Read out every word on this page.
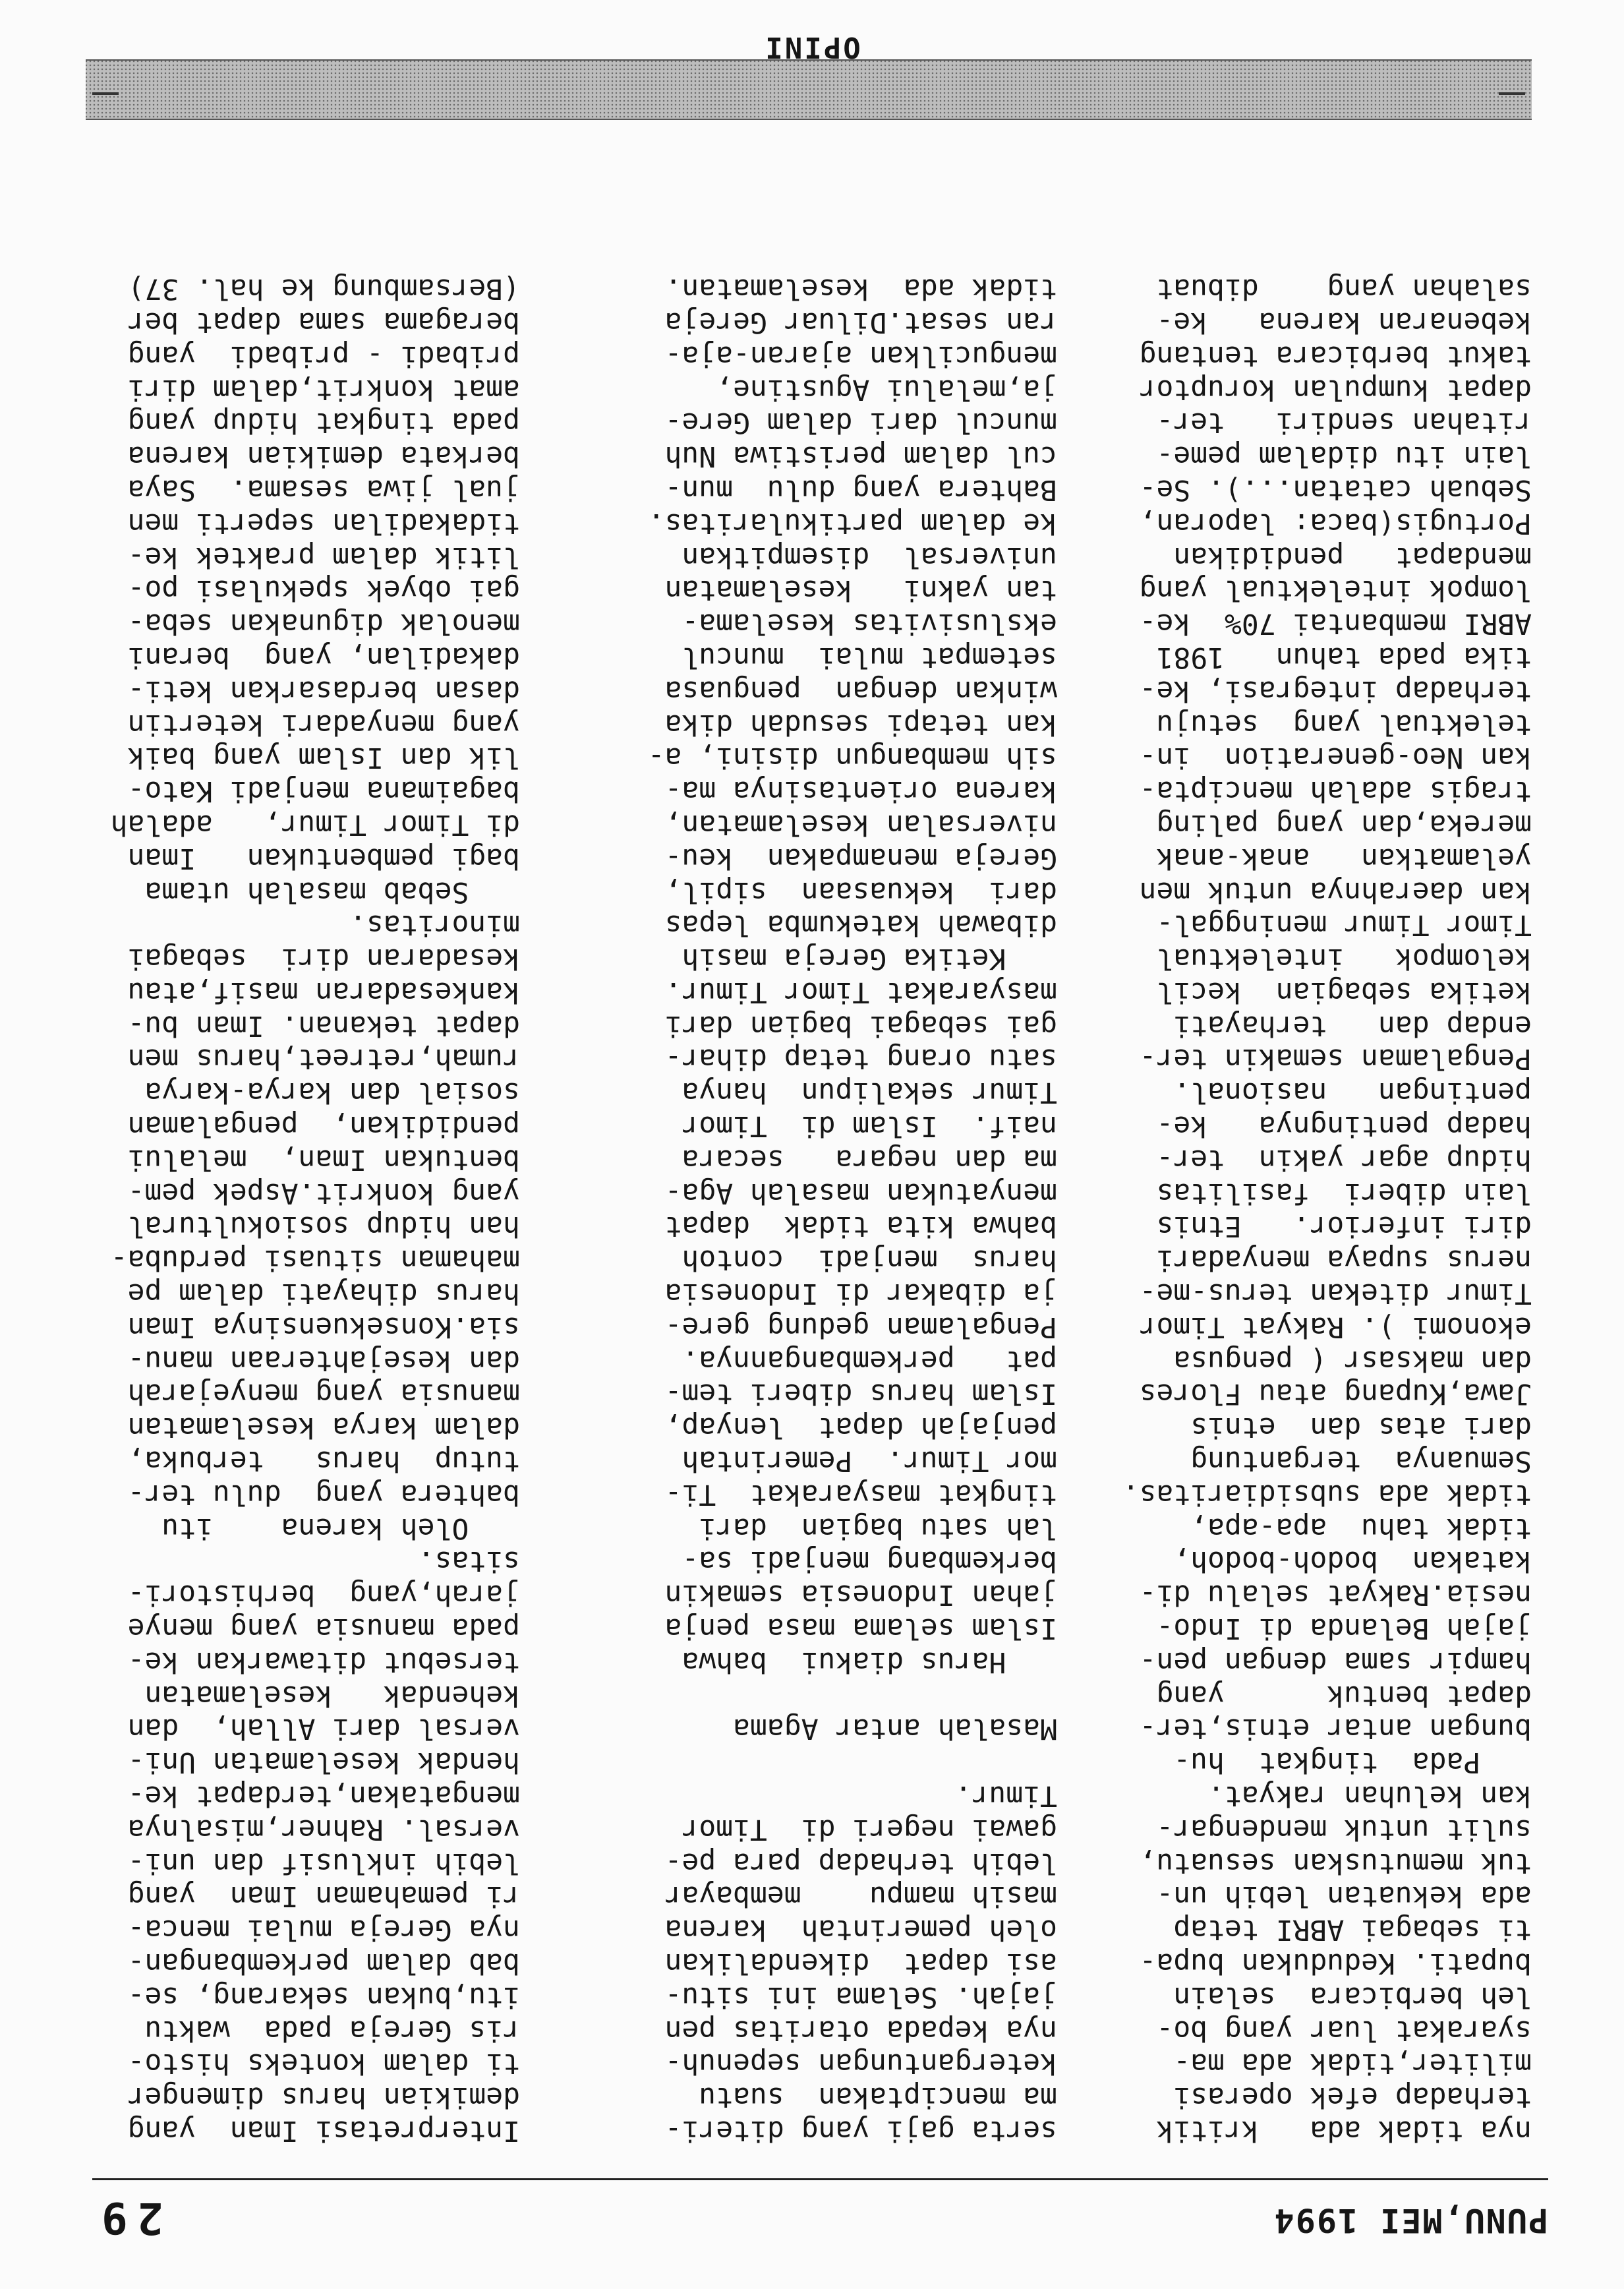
PUNU,MEI 1994
29
nya tidak ada   kritik
terhadap efek operasi
militer,tidak ada ma-
syarakat luar yang bo-
leh berbicara  selain
bupati. Kedudukan bupa-
ti sebagai ABRI tetap
ada kekuatan lebih un-
tuk memutuskan sesuatu,
sulit untuk mendengar-
kan keluhan rakyat.
Pada  tingkat  hu-
bungan antar etnis,ter-
dapat bentuk      yang
hampir sama dengan pen-
jajah Belanda di Indo-
nesia.Rakyat selalu di-
katakan  bodoh-bodoh,
tidak tahu  apa-apa,
tidak ada subsidiaritas.
Semuanya  tergantung
dari atas dan  etnis
Jawa,Kupang atau Flores
dan maksasr ( pengusa
ekonomi ). Rakyat Timor
Timur ditekan terus-me-
nerus supaya menyadari
diri inferior.   Etnis
lain diberi  fasilitas
hidup agar yakin  ter-
hadap pentingnya   ke-
pentingan   nasional.
Pengalaman semakin ter-
endap dan   terhayati
ketika sebagian  kecil
kelompok   intelektual
Timor Timur meninggal-
kan daerahnya untuk men
yelamatkan   anak-anak
mereka,dan yang paling
tragis adalah mencipta-
kan Neo-generation  in-
telektual yang  setuju
terhadap integrasi, ke-
tika pada tahun   1981
ABRI membantai 70%  ke-
lompok intelektual yang
mendapat   pendidikan
Portugis(baca: laporan,
Sebuah catatan...). Se-
lain itu didalam peme-
ritahan sendiri   ter-
dapat kumpulan koruptor
takut berbicara tentang
kebenaran karena   ke-
salahan yang    dibuat
serta gaji yang diteri-
ma menciptakan  suatu
ketergantungan sepenuh-
nya kepada otaritas pen
jajah. Selama ini situ-
asi dapat  dikendalikan
oleh pemerintah  karena
masih mampu    membayar
lebih terhadap para pe-
gawai negeri di  Timor
Timur.
Masalah antar Agama
Harus diakui  bahwa
Islam selama masa penja
jahan Indonesia semakin
berkembang menjadi sa-
lah satu bagian  dari
tingkat masyarakat  Ti-
mor Timur.  Pemerintah
penjajah dapat  lenyap,
Islam harus diberi tem-
pat   perkembangannya.
Pengalaman gedung gere-
ja dibakar di Indonesia
harus  menjadi  contoh
bahwa kita tidak  dapat
menyatukan masalah Aga-
ma dan negara   secara
naif.  Islam di  Timor
Timur sekalipun  hanya
satu orang tetap dihar-
gai sebagai bagian dari
masyarakat Timor Timur.
Ketika Gereja masih
dibawah katekumba lepas
dari  kekuasaan  sipil,
Gereja menampakan  keu-
niversalan keselamatan,
karena orientasinya ma-
sih membangun disini, a-
kan tetapi sesudah dika
winkan dengan  penguasa
setempat mulai  muncul
ekslusivitas keselama-
tan yakni   keselamatan
universal  disempitkan
ke dalam partikularitas.
Bahtera yang dulu  mun-
cul dalam peristiwa Nuh
muncul dari dalam Gere-
ja,melalui Agustine,
mengucilkan ajaran-aja-
ran sesat.Diluar Gereja
tidak ada  keselamatan.
Interpretasi Iman  yang
demikian harus dimenger
ti dalam konteks histo-
ris Gereja pada  waktu
itu,bukan sekarang, se-
bab dalam perkembangan-
nya Gereja mulai menca-
ri pemahaman Iman  yang
lebih inklusif dan uni-
versal. Rahner,misalnya
mengatakan,terdapat ke-
hendak keselamatan Uni-
versal dari Allah,  dan
kehendak   keselamatan
tersebut ditawarkan ke-
pada manusia yang menye
jarah,yang  berhistori-
sitas.
Oleh karena    itu
bahtera yang  dulu ter-
tutup  harus   terbuka,
dalam karya keselamatan
manusia yang menyejarah
dan kesejahteraan manu-
sia.Konsekuensinya Iman
harus dihayati dalam pe
mahaman situasi perduba-
han hidup sosiokultural
yang konkrit.Aspek pem-
bentukan Iman,  melalui
pendidikan,  pengalaman
sosial dan karya-karya
rumah,retreet,harus men
dapat tekanan. Iman bu-
kankesadaran masif,atau
kesadaran diri  sebagai
minoritas.
Sebab masalah utama
bagi pembentukan   Iman
di Timor Timur,   adalah
bagaimana menjadi Kato-
lik dan Islam yang baik
yang menyadari ketertin
dasan berdasarkan keti-
dakadilan, yang  berani
menolak digunakan seba-
gai obyek spekulasi po-
litik dalam praktek ke-
tidakadilan seperti men
jual jiwa sesama.  Saya
berkata demikian karena
pada tingkat hidup yang
amat konkrit,dalam diri
pribadi - pribadi  yang
beragama sama dapat ber
(Bersambung ke hal. 37)
OPINI
